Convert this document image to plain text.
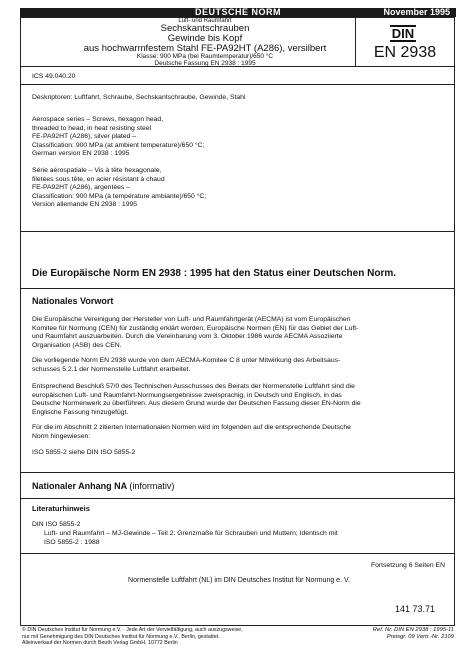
DEUTSCHE NORM	November 1995
Luft- und Raumfahrt
Sechskantschrauben
Gewinde bis Kopf
aus hochwarmfestem Stahl FE-PA92HT (A286), versilbert
Klasse: 900 MPa (bei Raumtemperatur)/650 °C
Deutsche Fassung EN 2938 : 1995
DIN
EN 2938
ICS 49.040.20
Deskriptoren: Luftfahrt, Schraube, Sechskantschraube, Gewinde, Stahl
Aerospace series – Screws, hexagon head,
threaded to head, in heat resisting steel
FE-PA92HT (A286), silver plated –
Classification: 900 MPa (at ambient temperature)/650 °C;
German version EN 2938 : 1995
Série aérospatiale – Vis à tête hexagonale,
filetées sous tête, en acier résistant à chaud
FE-PA92HT (A286), argentées –
Classification: 900 MPa (à température ambiante)/650 °C;
Version allemande EN 2938 : 1995
Die Europäische Norm EN 2938 : 1995 hat den Status einer Deutschen Norm.
Nationales Vorwort
Die Europäische Vereinigung der Hersteller von Luft- und Raumfahrtgerät (AECMA) ist vom Europäischen
Komitee für Normung (CEN) für zuständig erklärt worden, Europäische Normen (EN) für das Gebiet der Luft-
und Raumfahrt auszuarbeiten. Durch die Vereinbarung vom 3. Oktober 1986 wurde AECMA Assoziierte
Organisation (ASB) des CEN.
Die vorliegende Norm EN 2938 wurde von dem AECMA-Komitee C 8 unter Mitwirkung des Arbeitsaus-
schusses 5.2.1 der Normenstelle Luftfahrt erarbeitet.
Entsprechend Beschluß 57/0 des Technischen Ausschusses des Beirats der Normenstelle Luftfahrt sind die
europäischen Luft- und Raumfahrt-Normungsergebnisse zweisprachig, in Deutsch und Englisch, in das
Deutsche Normenwerk zu überführen. Aus diesem Grund wurde der Deutschen Fassung dieser EN-Norm die
Englische Fassung hinzugefügt.
Für die im Abschnitt 2 zitierten Internationalen Normen wird im folgenden auf die entsprechende Deutsche
Norm hingewiesen:
ISO 5855-2 siehe DIN ISO 5855-2
Nationaler Anhang NA (informativ)
Literaturhinweis
DIN ISO 5855-2
Luft- und Raumfahrt – MJ-Gewinde – Teil 2: Grenzmaße für Schrauben und Muttern; Identisch mit
ISO 5855-2 : 1988
Fortsetzung 6 Seiten EN
Normenstelle Luftfahrt (NL) im DIN Deutsches Institut für Normung e. V.
141 73.71
© DIN Deutsches Institut für Normung e.V. · Jede Art der Vervielfältigung, auch auszugsweise,
nur mit Genehmigung des DIN Deutsches Institut für Normung e.V., Berlin, gestattet.
Alleinverkauf der Normen durch Beuth Verlag GmbH, 10772 Berlin
Ref. Nr. DIN EN 2938 : 1995-11
Preisgr. 09 Vertr.-Nr. 2109
